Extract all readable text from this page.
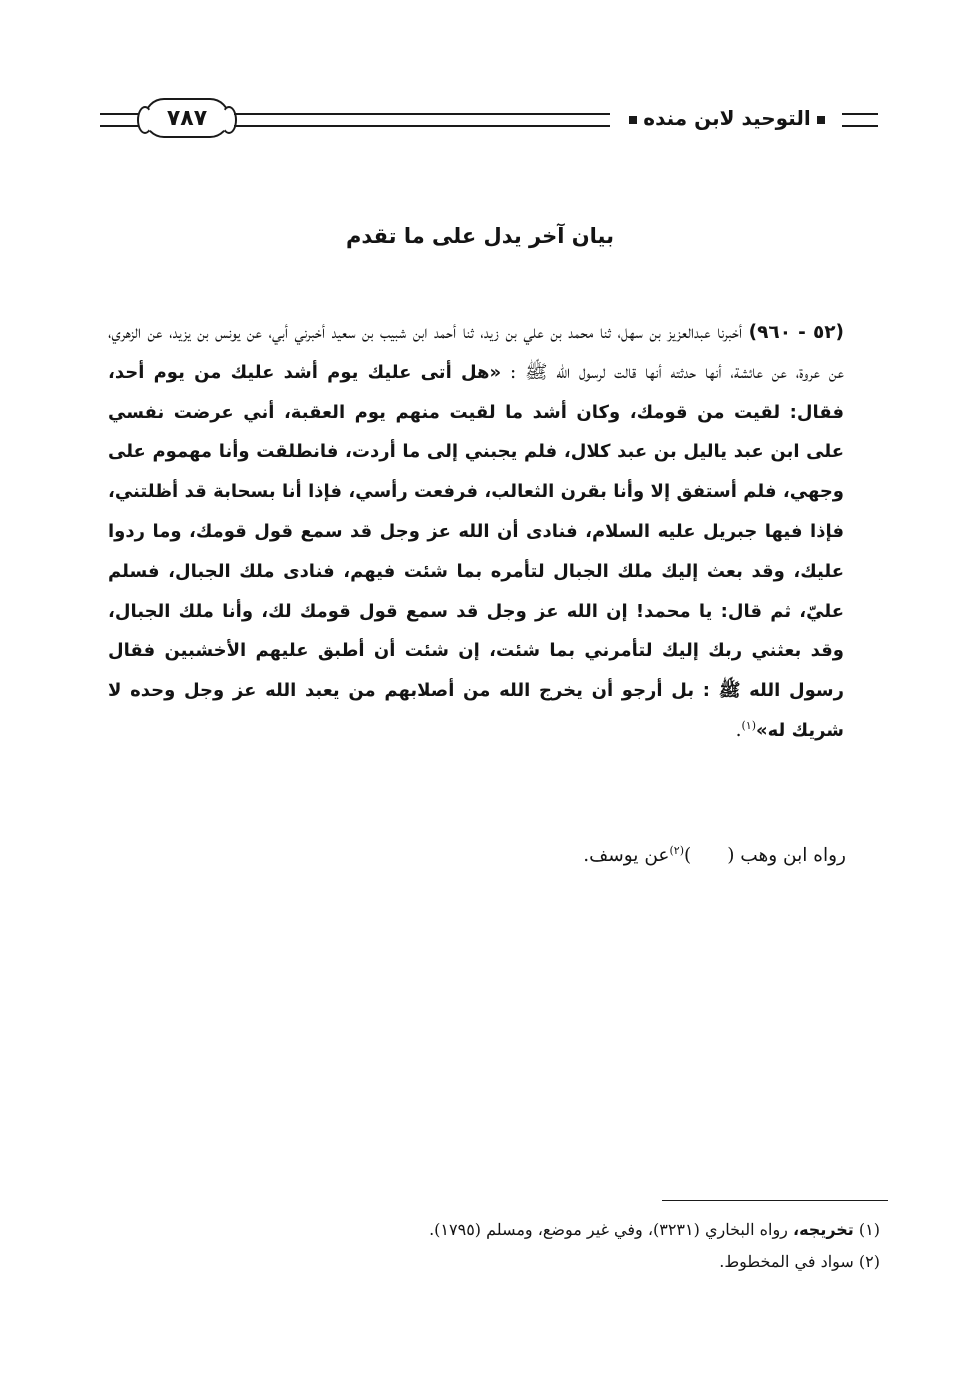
٧٨٧	التوحيد لابن منده
بيان آخر يدل على ما تقدم
(٥٢ - ٩٦٠) أخبرنا عبدالعزيز بن سهل، ثنا محمد بن علي بن زيد، ثنا أحمد ابن شبيب بن سعيد أخبرني أبي، عن يونس بن يزيد، عن الزهري، عن عروة، عن عائشة، أنها حدثته أنها قالت لرسول الله ﷺ : «هل أتى عليك يوم أشد عليك من يوم أحد، فقال: لقيت من قومك، وكان أشد ما لقيت منهم يوم العقبة، أني عرضت نفسي على ابن عبد ياليل بن عبد كلال، فلم يجبني إلى ما أردت، فانطلقت وأنا مهموم على وجهي، فلم أستفق إلا وأنا بقرن الثعالب، فرفعت رأسي، فإذا أنا بسحابة قد أظلتني، فإذا فيها جبريل عليه السلام، فنادى أن الله عز وجل قد سمع قول قومك، وما ردوا عليك، وقد بعث إليك ملك الجبال لتأمره بما شئت فيهم، فنادى ملك الجبال، فسلم عليّ، ثم قال: يا محمد! إن الله عز وجل قد سمع قول قومك لك، وأنا ملك الجبال، وقد بعثني ربك إليك لتأمرني بما شئت، إن شئت أن أطبق عليهم الأخشبين فقال رسول الله ﷺ : بل أرجو أن يخرج الله من أصلابهم من يعبد الله عز وجل وحده لا شريك له»$^{(١)}$.
رواه ابن وهب ()$^{(٢)}$عن يوسف.
(١) تخريجه، رواه البخاري (٣٢٣١)، وفي غير موضع، ومسلم (١٧٩٥).
(٢) سواد في المخطوط.
